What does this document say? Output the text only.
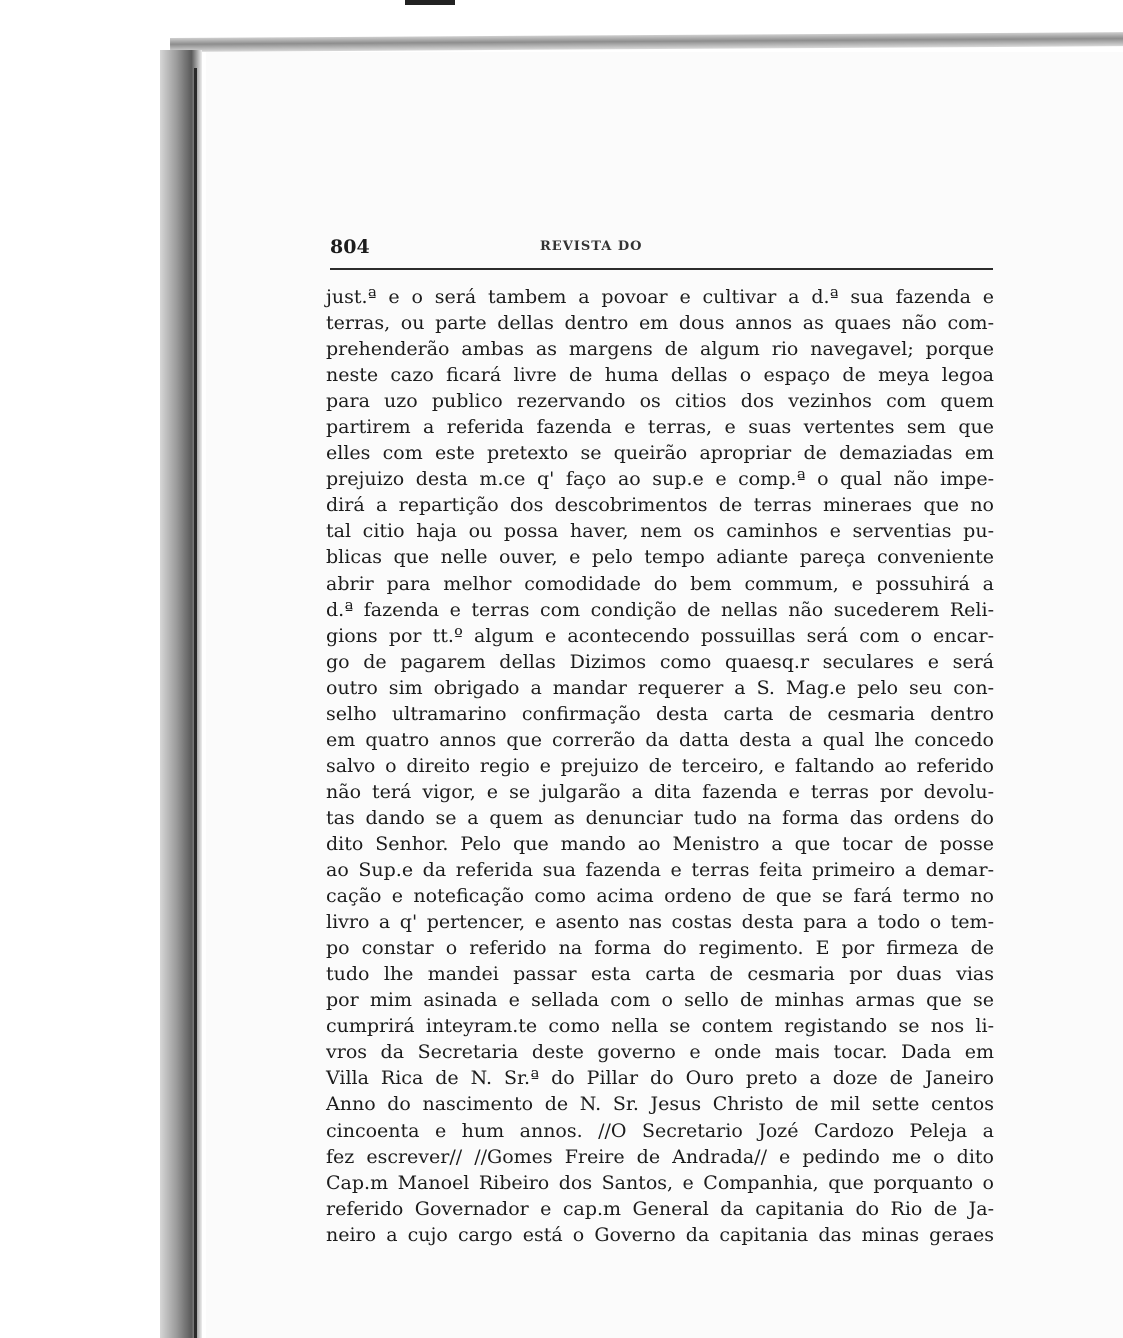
804	REVISTA DO
just.ª e o será tambem a povoar e cultivar a d.ª sua fazenda e
terras, ou parte dellas dentro em dous annos as quaes não com-
prehenderão ambas as margens de algum rio navegavel; porque
neste cazo ficará livre de huma dellas o espaço de meya legoa
para uzo publico rezervando os citios dos vezinhos com quem
partirem a referida fazenda e terras, e suas vertentes sem que
elles com este pretexto se queirão apropriar de demaziadas em
prejuizo desta m.ce q' faço ao sup.e e comp.ª o qual não impe-
dirá a repartição dos descobrimentos de terras mineraes que no
tal citio haja ou possa haver, nem os caminhos e serventias pu-
blicas que nelle ouver, e pelo tempo adiante pareça conveniente
abrir para melhor comodidade do bem commum, e possuhirá a
d.ª fazenda e terras com condição de nellas não sucederem Reli-
gions por tt.º algum e acontecendo possuillas será com o encar-
go de pagarem dellas Dizimos como quaesq.r seculares e será
outro sim obrigado a mandar requerer a S. Mag.e pelo seu con-
selho ultramarino confirmação desta carta de cesmaria dentro
em quatro annos que correrão da datta desta a qual lhe concedo
salvo o direito regio e prejuizo de terceiro, e faltando ao referido
não terá vigor, e se julgarão a dita fazenda e terras por devolu-
tas dando se a quem as denunciar tudo na forma das ordens do
dito Senhor. Pelo que mando ao Menistro a que tocar de posse
ao Sup.e da referida sua fazenda e terras feita primeiro a demar-
cação e noteficação como acima ordeno de que se fará termo no
livro a q' pertencer, e asento nas costas desta para a todo o tem-
po constar o referido na forma do regimento. E por firmeza de
tudo lhe mandei passar esta carta de cesmaria por duas vias
por mim asinada e sellada com o sello de minhas armas que se
cumprirá inteyram.te como nella se contem registando se nos li-
vros da Secretaria deste governo e onde mais tocar. Dada em
Villa Rica de N. Sr.ª do Pillar do Ouro preto a doze de Janeiro
Anno do nascimento de N. Sr. Jesus Christo de mil sette centos
cincoenta e hum annos. //O Secretario Jozé Cardozo Peleja a
fez escrever// //Gomes Freire de Andrada// e pedindo me o dito
Cap.m Manoel Ribeiro dos Santos, e Companhia, que porquanto o
referido Governador e cap.m General da capitania do Rio de Ja-
neiro a cujo cargo está o Governo da capitania das minas geraes
